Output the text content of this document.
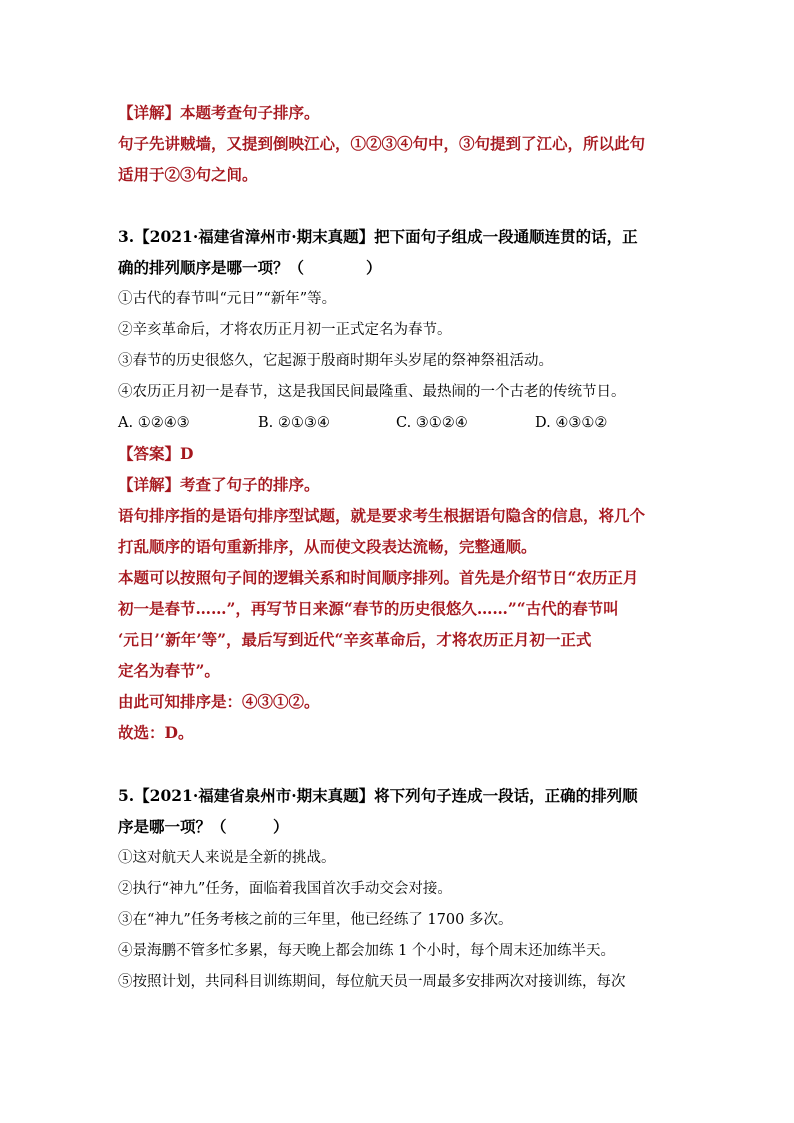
【详解】本题考查句子排序。
句子先讲贼墙，又提到倒映江心，①②③④句中，③句提到了江心，所以此句
适用于②③句之间。
3.【2021·福建省漳州市·期末真题】把下面句子组成一段通顺连贯的话，正
确的排列顺序是哪一项？（　　　　）
①古代的春节叫“元日”“新年”等。
②辛亥革命后，才将农历正月初一正式定名为春节。
③春节的历史很悠久，它起源于殷商时期年头岁尾的祭神祭祖活动。
④农历正月初一是春节，这是我国民间最隆重、最热闹的一个古老的传统节日。
A. ①②④③	B. ②①③④	C. ③①②④	D. ④③①②
【答案】D
【详解】考查了句子的排序。
语句排序指的是语句排序型试题，就是要求考生根据语句隐含的信息，将几个
打乱顺序的语句重新排序，从而使文段表达流畅，完整通顺。
本题可以按照句子间的逻辑关系和时间顺序排列。首先是介绍节日“农历正月
初一是春节……”，再写节日来源“春节的历史很悠久……”“古代的春节叫
‘元日’‘新年’等”，最后写到近代“辛亥革命后，才将农历正月初一正式
定名为春节”。
由此可知排序是：④③①②。
故选：D。
5.【2021·福建省泉州市·期末真题】将下列句子连成一段话，正确的排列顺
序是哪一项？（　　　）
①这对航天人来说是全新的挑战。
②执行“神九”任务，面临着我国首次手动交会对接。
③在“神九”任务考核之前的三年里，他已经练了 1700 多次。
④景海鹏不管多忙多累，每天晚上都会加练 1 个小时，每个周末还加练半天。
⑤按照计划，共同科目训练期间，每位航天员一周最多安排两次对接训练，每次
